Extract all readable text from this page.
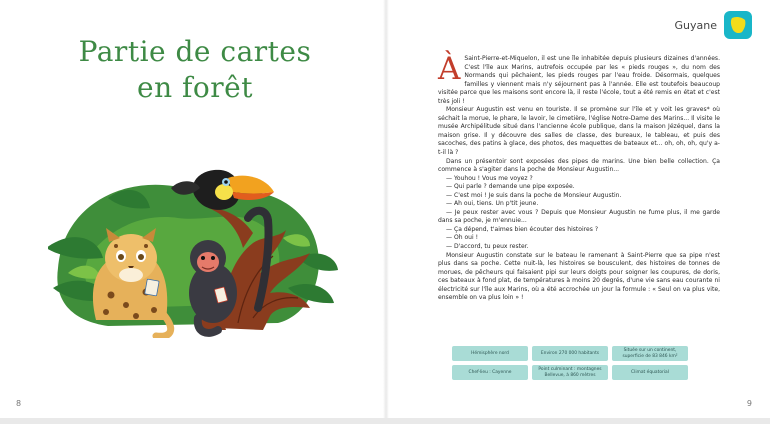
Partie de cartes
en forêt
8
Guyane

À Saint-Pierre-et-Miquelon, il est une île inhabitée depuis plusieurs dizaines d'années. C'est l'île aux Marins, autrefois occupée par les « pieds rouges », du nom des Normands qui pêchaient, les pieds rouges par l'eau froide. Désormais, quelques familles y viennent mais n'y séjournent pas à l'année. Elle est toutefois beaucoup visitée parce que les maisons sont encore là, il reste l'école, tout a été remis en état et c'est très joli !

Monsieur Augustin est venu en touriste. Il se promène sur l'île et y voit les graves* où séchait la morue, le phare, le lavoir, le cimetière, l'église Notre-Dame des Marins... Il visite le musée Archipélitude situé dans l'ancienne école publique, dans la maison Jézéquel, dans la maison grise. Il y découvre des salles de classe, des bureaux, le tableau, et puis des sacoches, des patins à glace, des photos, des maquettes de bateaux et... oh, oh, oh, qu'y a-t-il là ?

Dans un présentoir sont exposées des pipes de marins. Une bien belle collection. Ça commence à s'agiter dans la poche de Monsieur Augustin...

— Youhou ! Vous me voyez ?

— Qui parle ? demande une pipe exposée.

— C'est moi ! Je suis dans la poche de Monsieur Augustin.

— Ah oui, tiens. Un p'tit jeune.

— Je peux rester avec vous ? Depuis que Monsieur Augustin ne fume plus, il me garde dans sa poche, je m'ennuie...

— Ça dépend, t'aimes bien écouter des histoires ?

— Oh oui !

— D'accord, tu peux rester.

Monsieur Augustin constate sur le bateau le ramenant à Saint-Pierre que sa pipe n'est plus dans sa poche. Cette nuit-là, les histoires se bousculent, des histoires de tonnes de morues, de pêcheurs qui faisaient pipi sur leurs doigts pour soigner les coupures, de doris, ces bateaux à fond plat, de températures à moins 20 degrés, d'une vie sans eau courante ni électricité sur l'île aux Marins, où a été accrochée un jour la formule : « Seul on va plus vite, ensemble on va plus loin » !

Hémisphère nord	Environ 270 000 habitants
Située sur un continent, superficie de 83 846 km²
Chef-lieu : Cayenne
Point culminant : montagnes Bellevue, à 860 mètres
Climat équatorial
9
